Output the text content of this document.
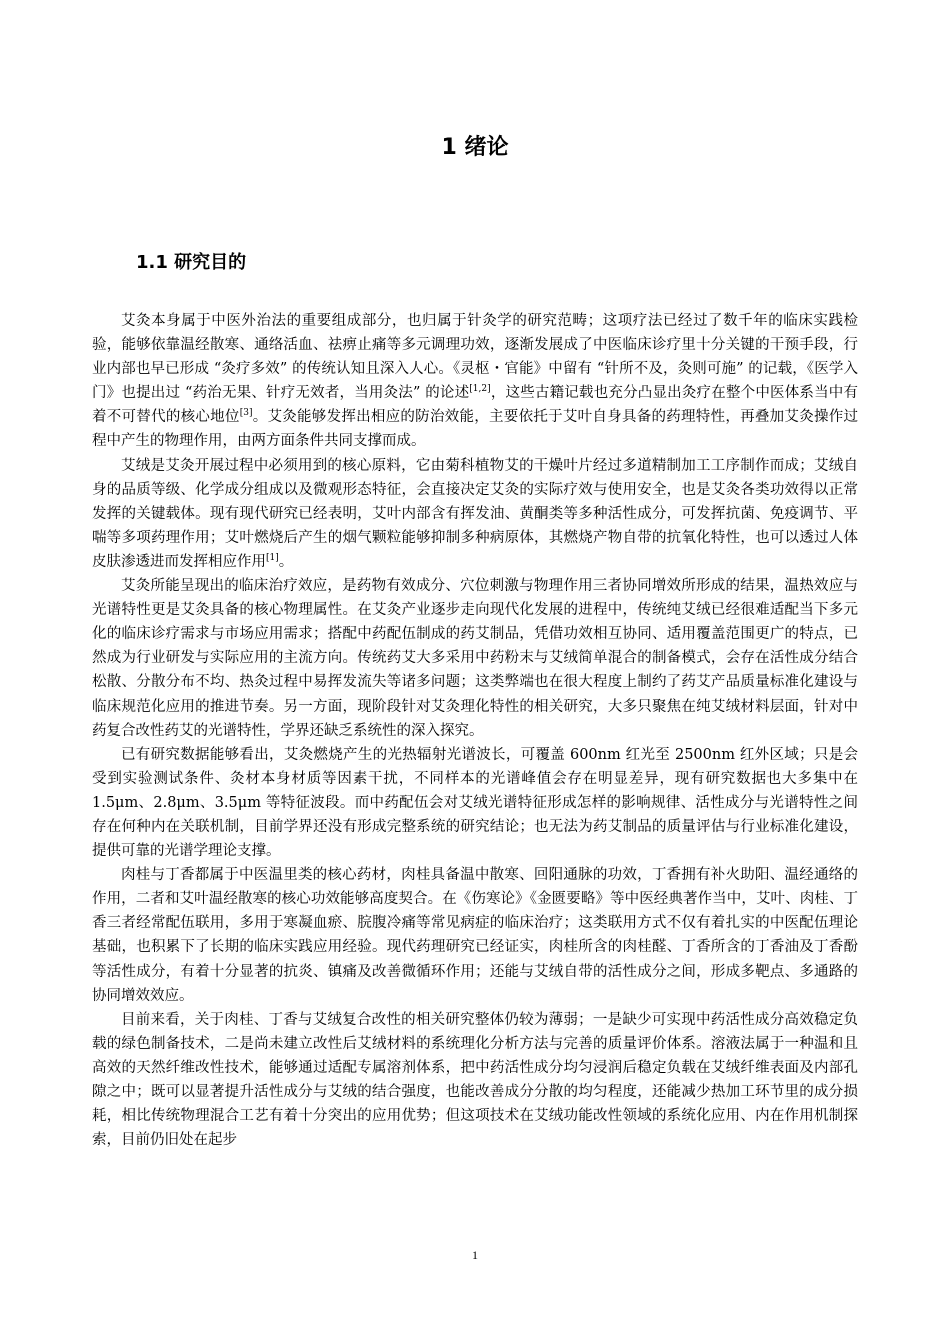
1 绪论
1.1 研究目的

艾灸本身属于中医外治法的重要组成部分，也归属于针灸学的研究范畴；这项疗法已经过了数千年的临床实践检验，能够依靠温经散寒、通络活血、祛痹止痛等多元调理功效，逐渐发展成了中医临床诊疗里十分关键的干预手段，行业内部也早已形成 “灸疗多效” 的传统认知且深入人心。《灵枢・官能》中留有 “针所不及，灸则可施” 的记载，《医学入门》也提出过 “药治无果、针疗无效者，当用灸法” 的论述[1,2]，这些古籍记载也充分凸显出灸疗在整个中医体系当中有着不可替代的核心地位[3]。艾灸能够发挥出相应的防治效能，主要依托于艾叶自身具备的药理特性，再叠加艾灸操作过程中产生的物理作用，由两方面条件共同支撑而成。

艾绒是艾灸开展过程中必须用到的核心原料，它由菊科植物艾的干燥叶片经过多道精制加工工序制作而成；艾绒自身的品质等级、化学成分组成以及微观形态特征，会直接决定艾灸的实际疗效与使用安全，也是艾灸各类功效得以正常发挥的关键载体。现有现代研究已经表明，艾叶内部含有挥发油、黄酮类等多种活性成分，可发挥抗菌、免疫调节、平喘等多项药理作用；艾叶燃烧后产生的烟气颗粒能够抑制多种病原体，其燃烧产物自带的抗氧化特性，也可以透过人体皮肤渗透进而发挥相应作用[1]。

艾灸所能呈现出的临床治疗效应，是药物有效成分、穴位刺激与物理作用三者协同增效所形成的结果，温热效应与光谱特性更是艾灸具备的核心物理属性。在艾灸产业逐步走向现代化发展的进程中，传统纯艾绒已经很难适配当下多元化的临床诊疗需求与市场应用需求；搭配中药配伍制成的药艾制品，凭借功效相互协同、适用覆盖范围更广的特点，已然成为行业研发与实际应用的主流方向。传统药艾大多采用中药粉末与艾绒简单混合的制备模式，会存在活性成分结合松散、分散分布不均、热灸过程中易挥发流失等诸多问题；这类弊端也在很大程度上制约了药艾产品质量标准化建设与临床规范化应用的推进节奏。另一方面，现阶段针对艾灸理化特性的相关研究，大多只聚焦在纯艾绒材料层面，针对中药复合改性药艾的光谱特性，学界还缺乏系统性的深入探究。

已有研究数据能够看出，艾灸燃烧产生的光热辐射光谱波长，可覆盖 600nm 红光至 2500nm 红外区域；只是会受到实验测试条件、灸材本身材质等因素干扰，不同样本的光谱峰值会存在明显差异，现有研究数据也大多集中在 1.5μm、2.8μm、3.5μm 等特征波段。而中药配伍会对艾绒光谱特征形成怎样的影响规律、活性成分与光谱特性之间存在何种内在关联机制，目前学界还没有形成完整系统的研究结论；也无法为药艾制品的质量评估与行业标准化建设，提供可靠的光谱学理论支撑。

肉桂与丁香都属于中医温里类的核心药材，肉桂具备温中散寒、回阳通脉的功效，丁香拥有补火助阳、温经通络的作用，二者和艾叶温经散寒的核心功效能够高度契合。在《伤寒论》《金匮要略》等中医经典著作当中，艾叶、肉桂、丁香三者经常配伍联用，多用于寒凝血瘀、脘腹冷痛等常见病症的临床治疗；这类联用方式不仅有着扎实的中医配伍理论基础，也积累下了长期的临床实践应用经验。现代药理研究已经证实，肉桂所含的肉桂醛、丁香所含的丁香油及丁香酚等活性成分，有着十分显著的抗炎、镇痛及改善微循环作用；还能与艾绒自带的活性成分之间，形成多靶点、多通路的协同增效效应。

目前来看，关于肉桂、丁香与艾绒复合改性的相关研究整体仍较为薄弱；一是缺少可实现中药活性成分高效稳定负载的绿色制备技术，二是尚未建立改性后艾绒材料的系统理化分析方法与完善的质量评价体系。溶液法属于一种温和且高效的天然纤维改性技术，能够通过适配专属溶剂体系，把中药活性成分均匀浸润后稳定负载在艾绒纤维表面及内部孔隙之中；既可以显著提升活性成分与艾绒的结合强度，也能改善成分分散的均匀程度，还能减少热加工环节里的成分损耗，相比传统物理混合工艺有着十分突出的应用优势；但这项技术在艾绒功能改性领域的系统化应用、内在作用机制探索，目前仍旧处在起步

1
